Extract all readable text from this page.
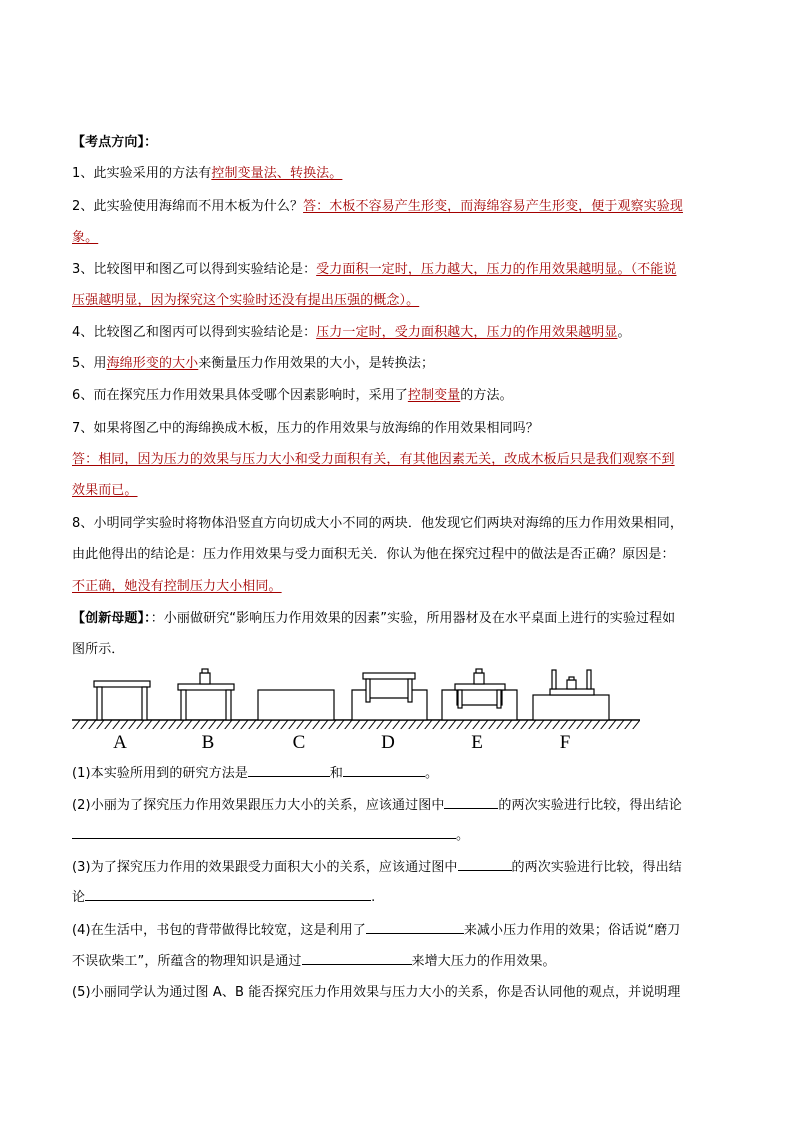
【考点方向】：
1、此实验采用的方法有控制变量法、转换法。
2、此实验使用海绵而不用木板为什么？答：木板不容易产生形变，而海绵容易产生形变，便于观察实验现
象。
3、比较图甲和图乙可以得到实验结论是：受力面积一定时，压力越大，压力的作用效果越明显。（不能说
压强越明显，因为探究这个实验时还没有提出压强的概念）。
4、比较图乙和图丙可以得到实验结论是：压力一定时，受力面积越大，压力的作用效果越明显。
5、用海绵形变的大小来衡量压力作用效果的大小，是转换法；
6、而在探究压力作用效果具体受哪个因素影响时，采用了控制变量的方法。
7、如果将图乙中的海绵换成木板，压力的作用效果与放海绵的作用效果相同吗？
答：相同，因为压力的效果与压力大小和受力面积有关，有其他因素无关，改成木板后只是我们观察不到
效果而已。
8、小明同学实验时将物体沿竖直方向切成大小不同的两块．他发现它们两块对海绵的压力作用效果相同，
由此他得出的结论是：压力作用效果与受力面积无关．你认为他在探究过程中的做法是否正确？原因是：
不正确，她没有控制压力大小相同。
【创新母题】：：小丽做研究“影响压力作用效果的因素”实验，所用器材及在水平桌面上进行的实验过程如
图所示．
A	B	C	D	E	F
(1)本实验所用到的研究方法是	和	。
(2)小丽为了探究压力作用效果跟压力大小的关系，应该通过图中	的两次实验进行比较，得出结论
。
(3)为了探究压力作用的效果跟受力面积大小的关系，应该通过图中	的两次实验进行比较，得出结
论	.
(4)在生活中，书包的背带做得比较宽，这是利用了	来减小压力作用的效果；俗话说“磨刀
不误砍柴工”，所蕴含的物理知识是通过	来增大压力的作用效果。
(5)小丽同学认为通过图 A、B 能否探究压力作用效果与压力大小的关系，你是否认同他的观点，并说明理
